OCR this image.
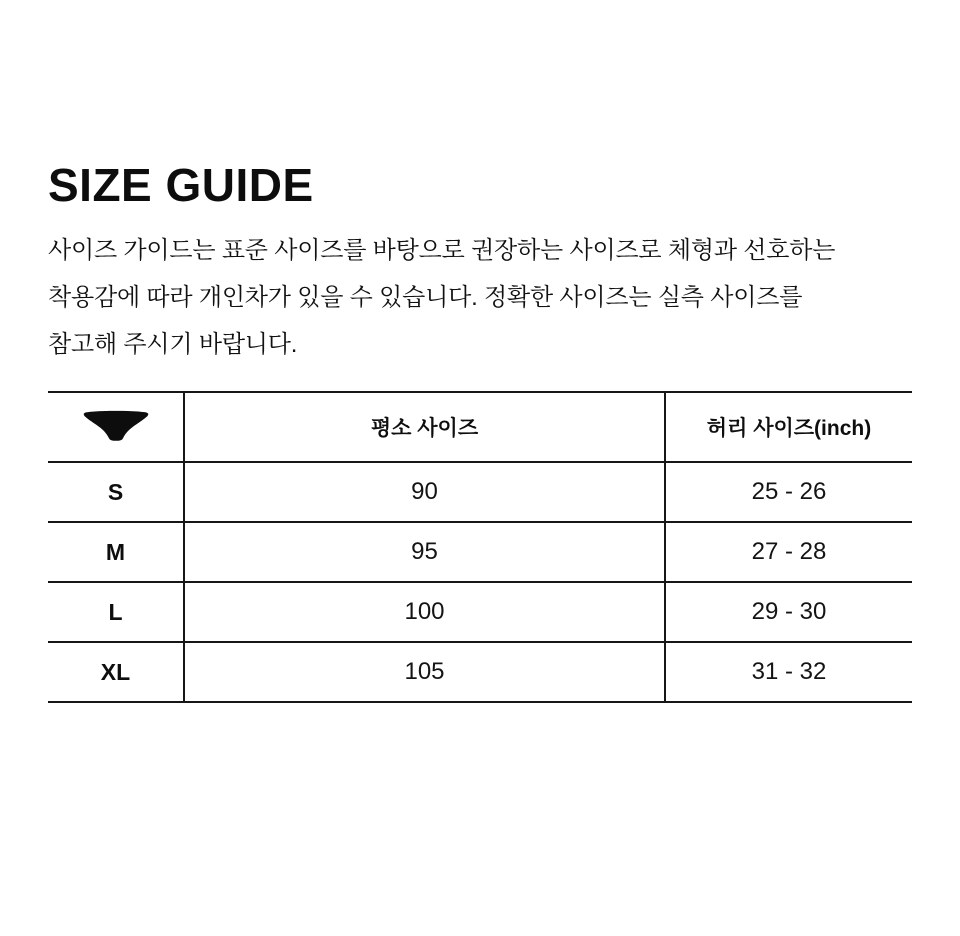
SIZE GUIDE
사이즈 가이드는 표준 사이즈를 바탕으로 권장하는 사이즈로 체형과 선호하는
착용감에 따라 개인차가 있을 수 있습니다. 정확한 사이즈는 실측 사이즈를
참고해 주시기 바랍니다.
	평소 사이즈	허리 사이즈(inch)
S	90	25 - 26
M	95	27 - 28
L	100	29 - 30
XL	105	31 - 32
